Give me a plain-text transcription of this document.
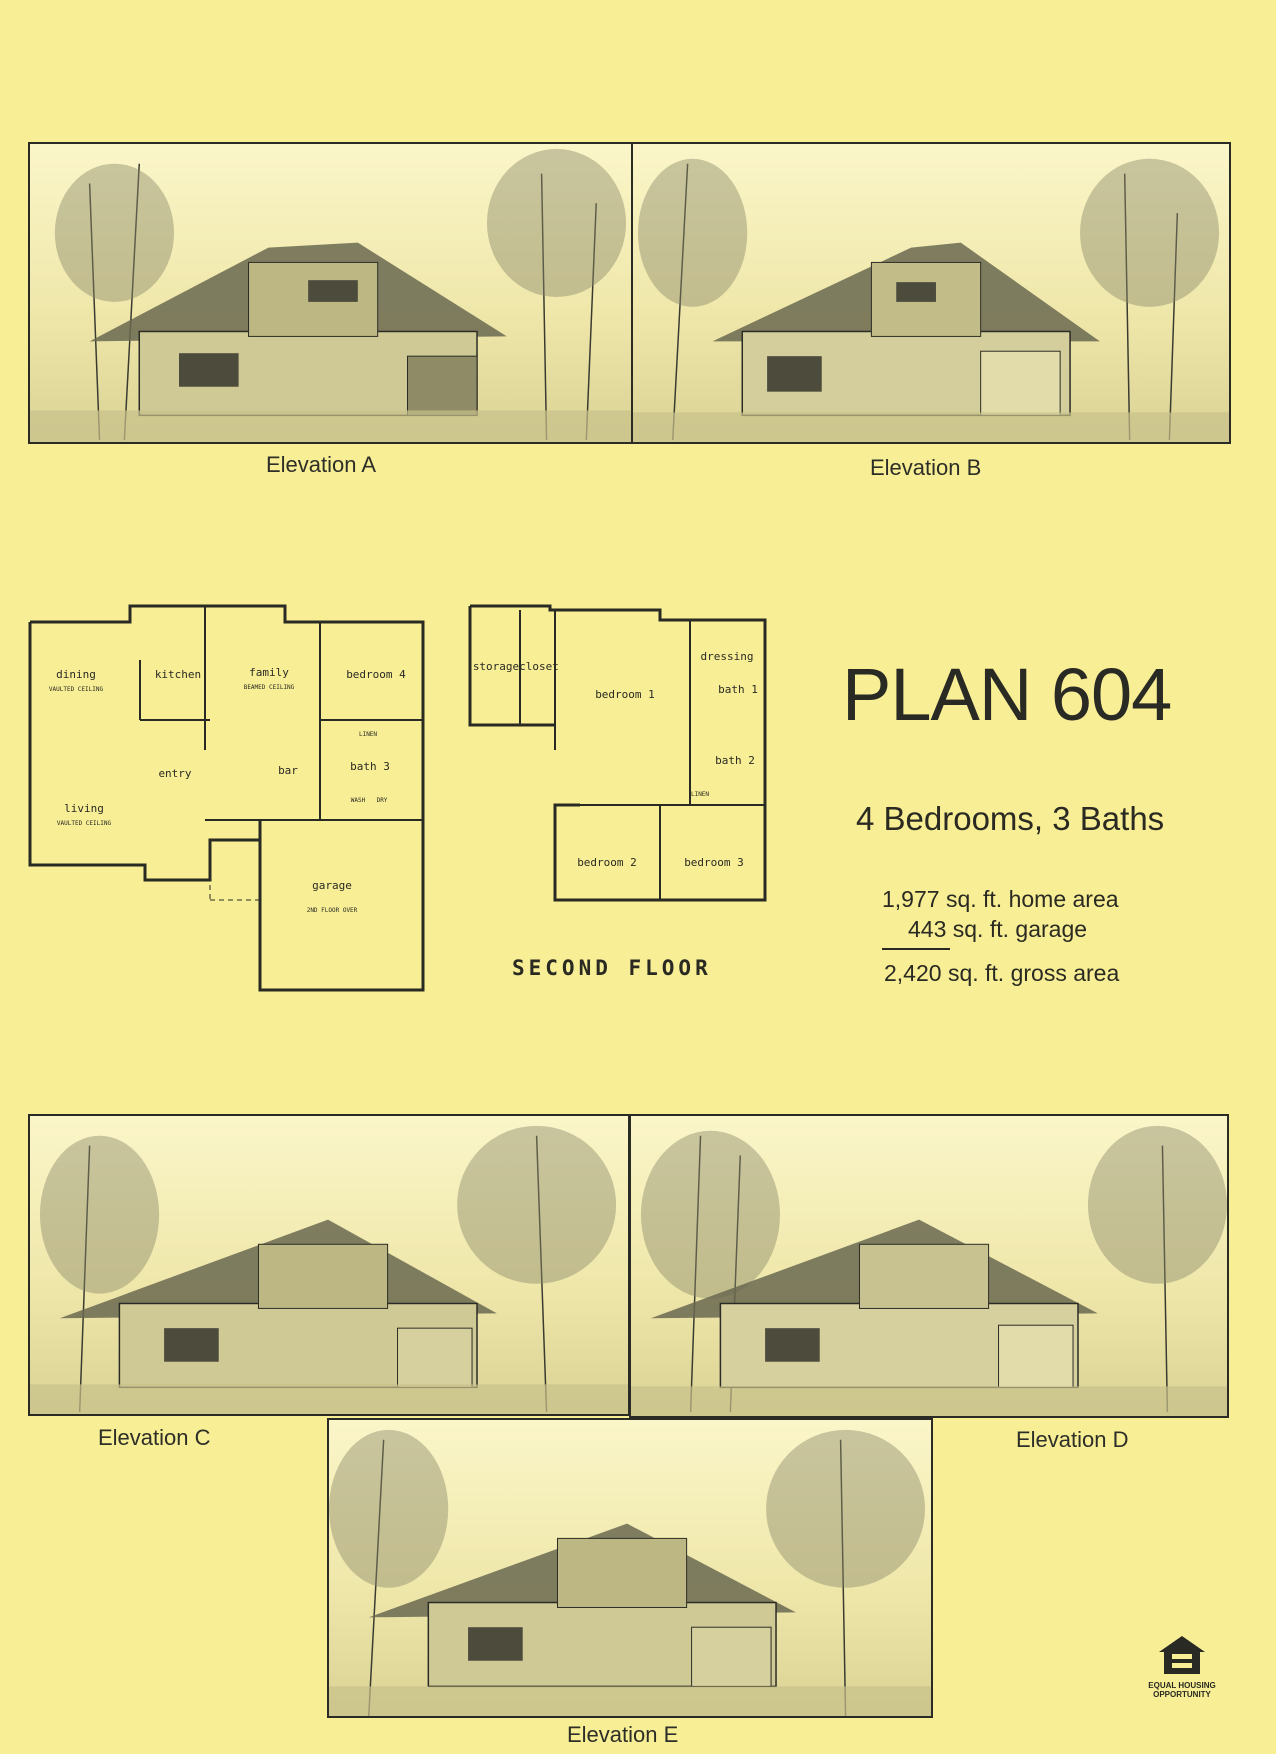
Elevation A	Elevation B
dining
VAULTED CEILING
kitchen	family
BEAMED CEILING
bedroom 4
LINEN
bath 3
entry	bar
WASH DRY
living
VAULTED CEILING
garage
2ND FLOOR OVER
storage closet
bedroom 1
dressing
bath 1
bath 2
LINEN
bedroom 2	bedroom 3
SECOND FLOOR
PLAN 604
4 Bedrooms, 3 Baths
1,977 sq. ft. home area
443 sq. ft. garage
2,420 sq. ft. gross area
Elevation C	Elevation D
Elevation E
EQUAL HOUSING
OPPORTUNITY
